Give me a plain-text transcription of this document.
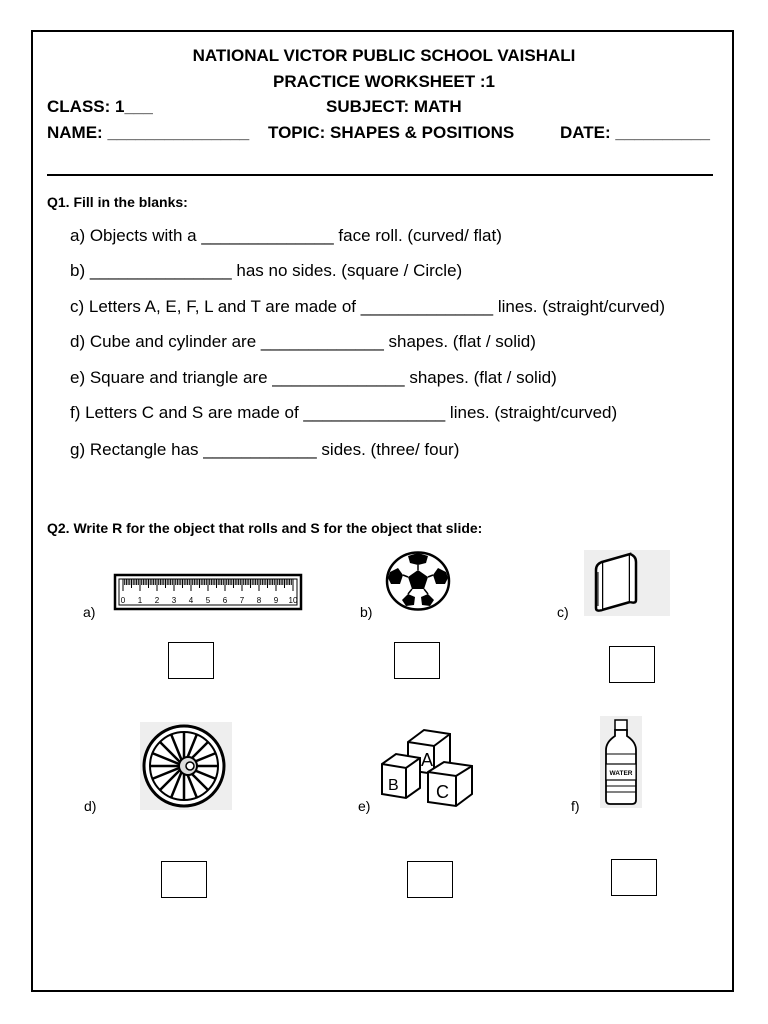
NATIONAL VICTOR PUBLIC SCHOOL VAISHALI
PRACTICE WORKSHEET :1
CLASS: 1___	SUBJECT: MATH
NAME: _______________ TOPIC: SHAPES & POSITIONS	DATE: __________
Q1. Fill in the blanks:
a) Objects with a ______________ face roll. (curved/ flat)
b) _______________ has no sides. (square / Circle)
c) Letters A, E, F, L and T are made of ______________ lines. (straight/curved)
d) Cube and cylinder are _____________ shapes. (flat / solid)
e) Square and triangle are ______________ shapes. (flat / solid)
f) Letters C and S are made of _______________ lines. (straight/curved)
g) Rectangle has ____________ sides. (three/ four)
Q2. Write R for the object that rolls and S for the object that slide:
a)
0 1 2 3 4 5 6 7 8 9 10
b)	c)
d)	e)
A
B C
f)
WATER
